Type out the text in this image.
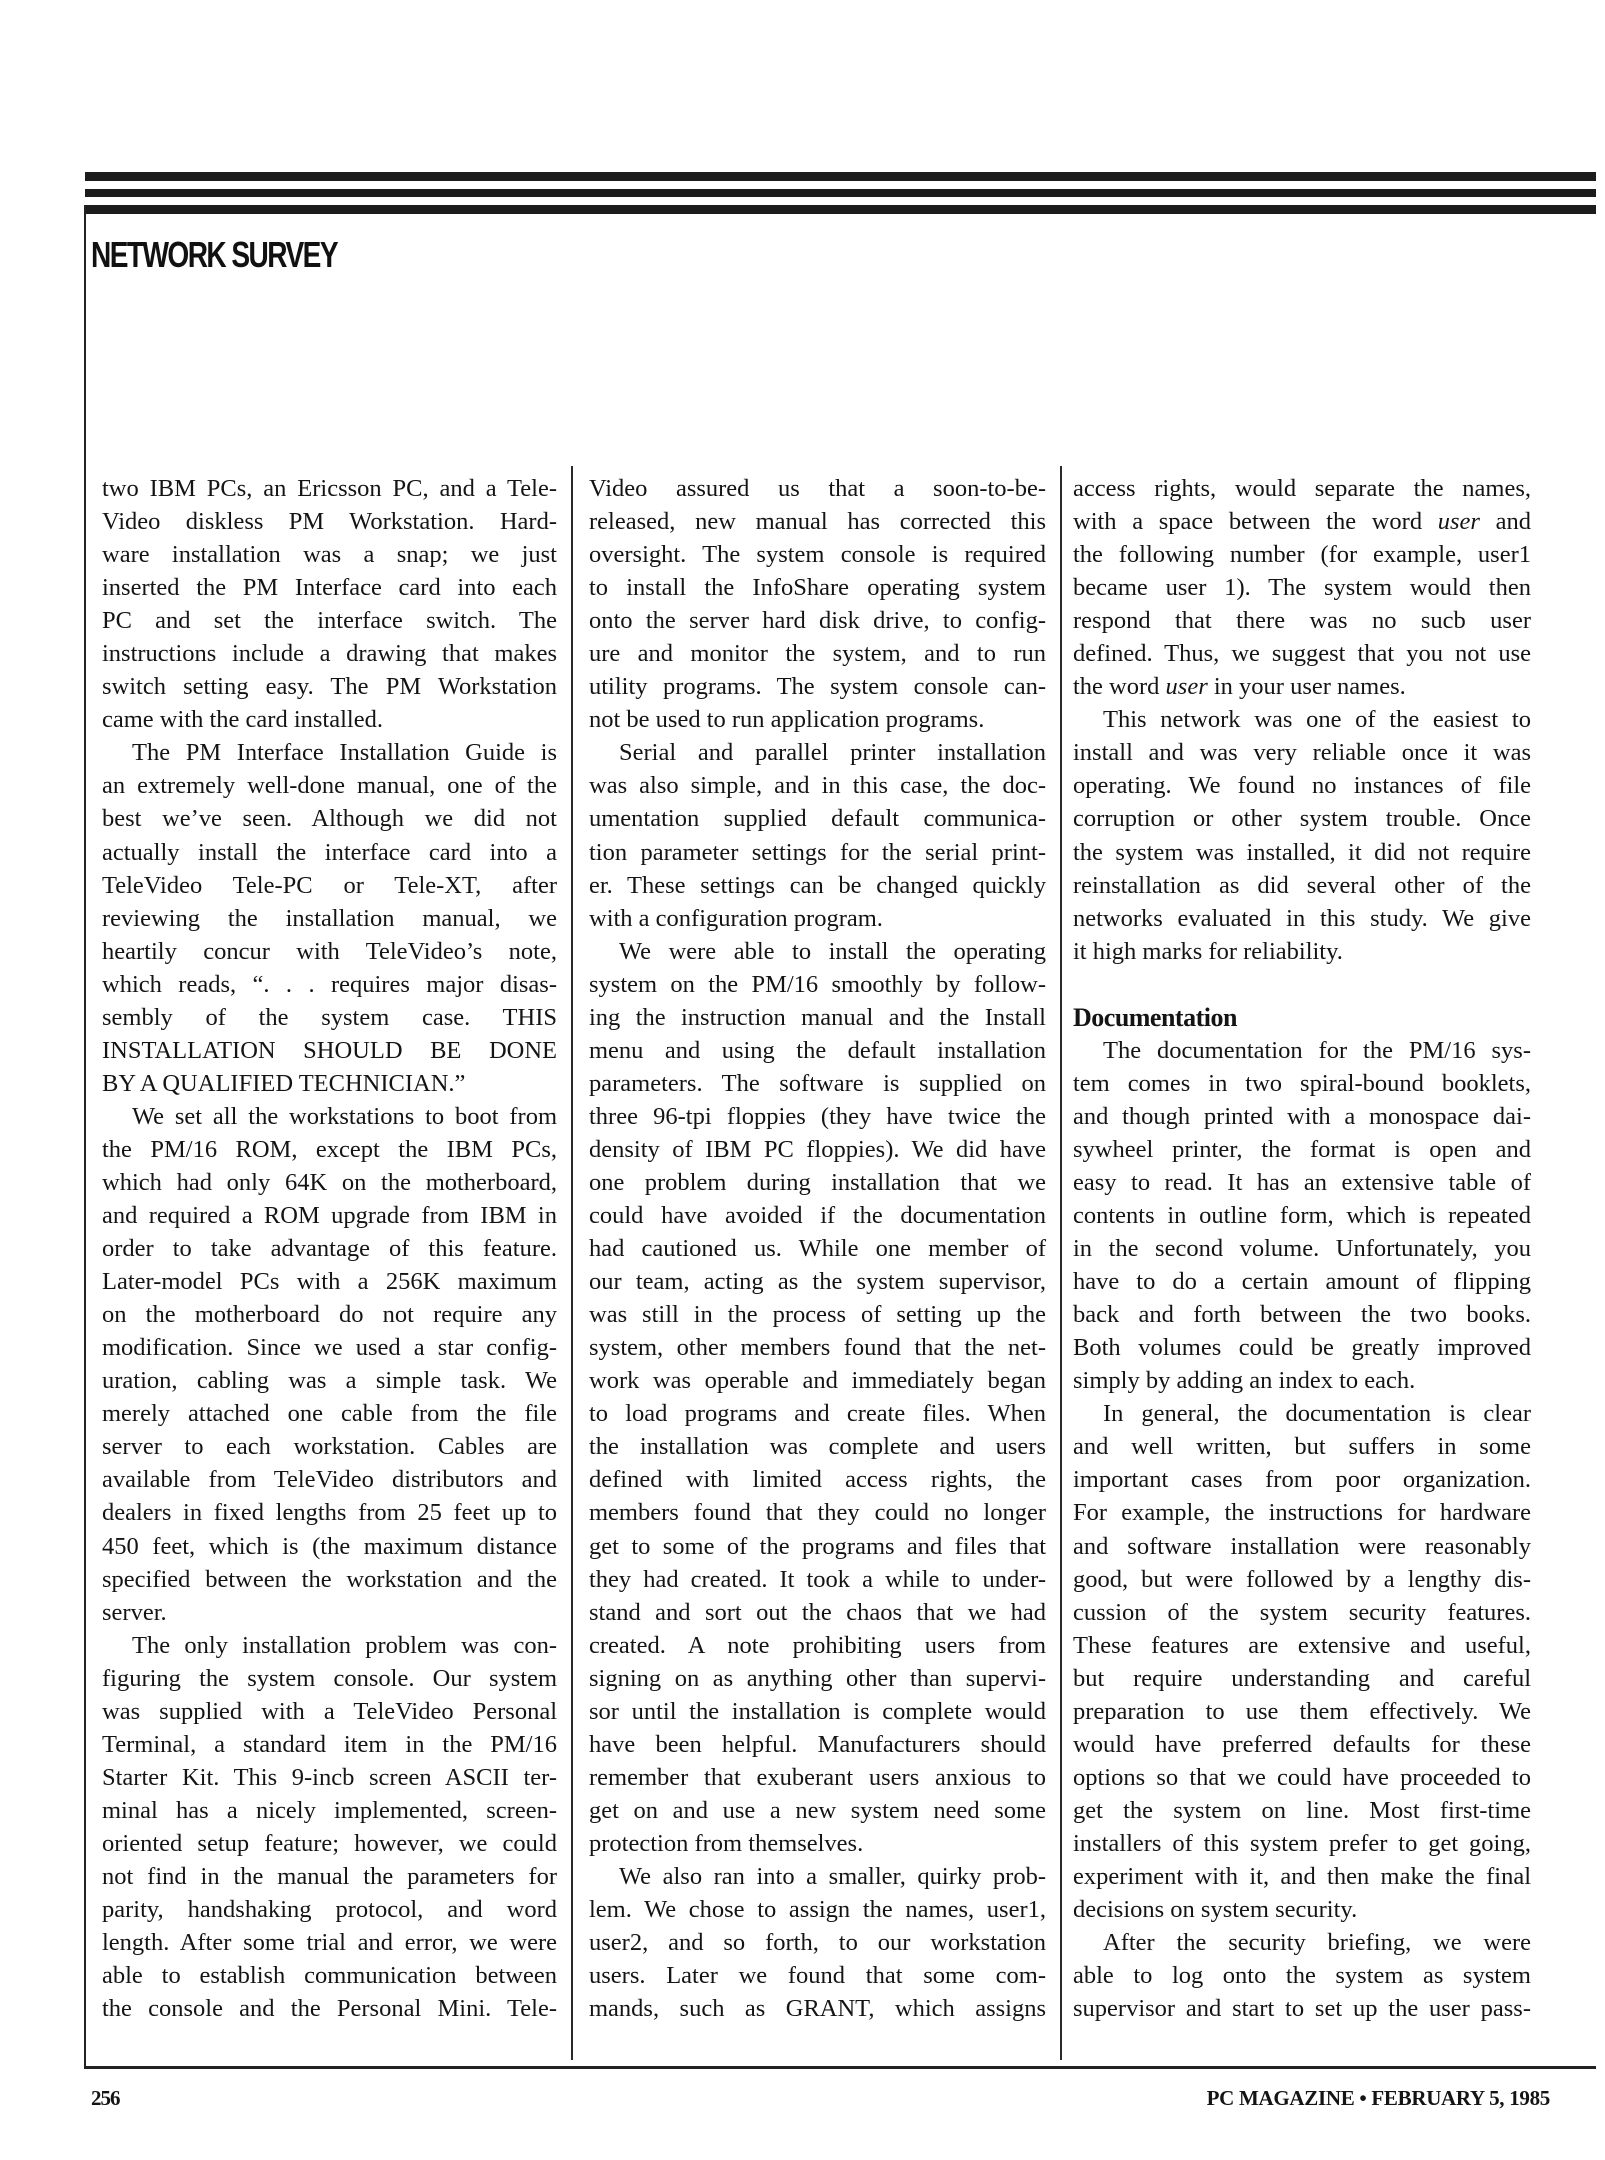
NETWORK SURVEY
two IBM PCs, an Ericsson PC, and a Tele-
Video diskless PM Workstation. Hard-
ware installation was a snap; we just
inserted the PM Interface card into each
PC and set the interface switch. The
instructions include a drawing that makes
switch setting easy. The PM Workstation
came with the card installed.
The PM Interface Installation Guide is
an extremely well-done manual, one of the
best we’ve seen. Although we did not
actually install the interface card into a
TeleVideo Tele-PC or Tele-XT, after
reviewing the installation manual, we
heartily concur with TeleVideo’s note,
which reads, “. . . requires major disas-
sembly of the system case. THIS
INSTALLATION SHOULD BE DONE
BY A QUALIFIED TECHNICIAN.”
We set all the workstations to boot from
the PM/16 ROM, except the IBM PCs,
which had only 64K on the motherboard,
and required a ROM upgrade from IBM in
order to take advantage of this feature.
Later-model PCs with a 256K maximum
on the motherboard do not require any
modification. Since we used a star config-
uration, cabling was a simple task. We
merely attached one cable from the file
server to each workstation. Cables are
available from TeleVideo distributors and
dealers in fixed lengths from 25 feet up to
450 feet, which is (the maximum distance
specified between the workstation and the
server.
The only installation problem was con-
figuring the system console. Our system
was supplied with a TeleVideo Personal
Terminal, a standard item in the PM/16
Starter Kit. This 9-incb screen ASCII ter-
minal has a nicely implemented, screen-
oriented setup feature; however, we could
not find in the manual the parameters for
parity, handshaking protocol, and word
length. After some trial and error, we were
able to establish communication between
the console and the Personal Mini. Tele-
Video assured us that a soon-to-be-
released, new manual has corrected this
oversight. The system console is required
to install the InfoShare operating system
onto the server hard disk drive, to config-
ure and monitor the system, and to run
utility programs. The system console can-
not be used to run application programs.
Serial and parallel printer installation
was also simple, and in this case, the doc-
umentation supplied default communica-
tion parameter settings for the serial print-
er. These settings can be changed quickly
with a configuration program.
We were able to install the operating
system on the PM/16 smoothly by follow-
ing the instruction manual and the Install
menu and using the default installation
parameters. The software is supplied on
three 96-tpi floppies (they have twice the
density of IBM PC floppies). We did have
one problem during installation that we
could have avoided if the documentation
had cautioned us. While one member of
our team, acting as the system supervisor,
was still in the process of setting up the
system, other members found that the net-
work was operable and immediately began
to load programs and create files. When
the installation was complete and users
defined with limited access rights, the
members found that they could no longer
get to some of the programs and files that
they had created. It took a while to under-
stand and sort out the chaos that we had
created. A note prohibiting users from
signing on as anything other than supervi-
sor until the installation is complete would
have been helpful. Manufacturers should
remember that exuberant users anxious to
get on and use a new system need some
protection from themselves.
We also ran into a smaller, quirky prob-
lem. We chose to assign the names, user1,
user2, and so forth, to our workstation
users. Later we found that some com-
mands, such as GRANT, which assigns
access rights, would separate the names,
with a space between the word user and
the following number (for example, user1
became user 1). The system would then
respond that there was no sucb user
defined. Thus, we suggest that you not use
the word user in your user names.
This network was one of the easiest to
install and was very reliable once it was
operating. We found no instances of file
corruption or other system trouble. Once
the system was installed, it did not require
reinstallation as did several other of the
networks evaluated in this study. We give
it high marks for reliability.
Documentation
The documentation for the PM/16 sys-
tem comes in two spiral-bound booklets,
and though printed with a monospace dai-
sywheel printer, the format is open and
easy to read. It has an extensive table of
contents in outline form, which is repeated
in the second volume. Unfortunately, you
have to do a certain amount of flipping
back and forth between the two books.
Both volumes could be greatly improved
simply by adding an index to each.
In general, the documentation is clear
and well written, but suffers in some
important cases from poor organization.
For example, the instructions for hardware
and software installation were reasonably
good, but were followed by a lengthy dis-
cussion of the system security features.
These features are extensive and useful,
but require understanding and careful
preparation to use them effectively. We
would have preferred defaults for these
options so that we could have proceeded to
get the system on line. Most first-time
installers of this system prefer to get going,
experiment with it, and then make the final
decisions on system security.
After the security briefing, we were
able to log onto the system as system
supervisor and start to set up the user pass-
256	PC MAGAZINE • FEBRUARY 5, 1985
